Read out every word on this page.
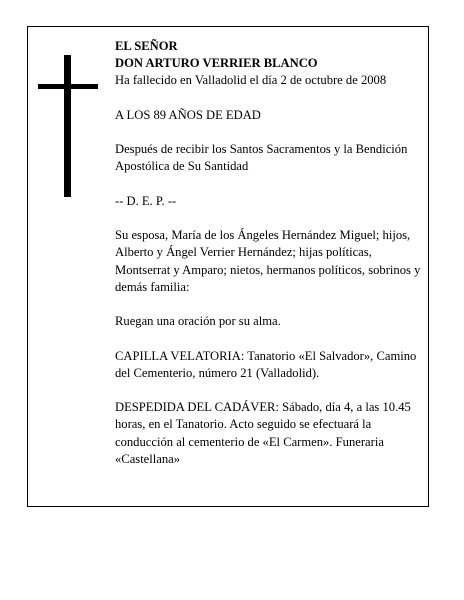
EL SEÑOR

DON ARTURO VERRIER BLANCO

Ha fallecido en Valladolid el día 2 de octubre de 2008

A LOS 89 AÑOS DE EDAD

Después de recibir los Santos Sacramentos y la Bendición Apostólica de Su Santidad

-- D. E. P. --

Su esposa, María de los Ángeles Hernández Miguel; hijos, Alberto y Ángel Verrier Hernández; hijas políticas, Montserrat y Amparo; nietos, hermanos políticos, sobrinos y demás familia:

Ruegan una oración por su alma.

CAPILLA VELATORIA: Tanatorio «El Salvador», Camino del Cementerio, número 21 (Valladolid).

DESPEDIDA DEL CADÁVER: Sábado, día 4, a las 10.45 horas, en el Tanatorio. Acto seguido se efectuará la conducción al cementerio de «El Carmen». Funeraria «Castellana»
